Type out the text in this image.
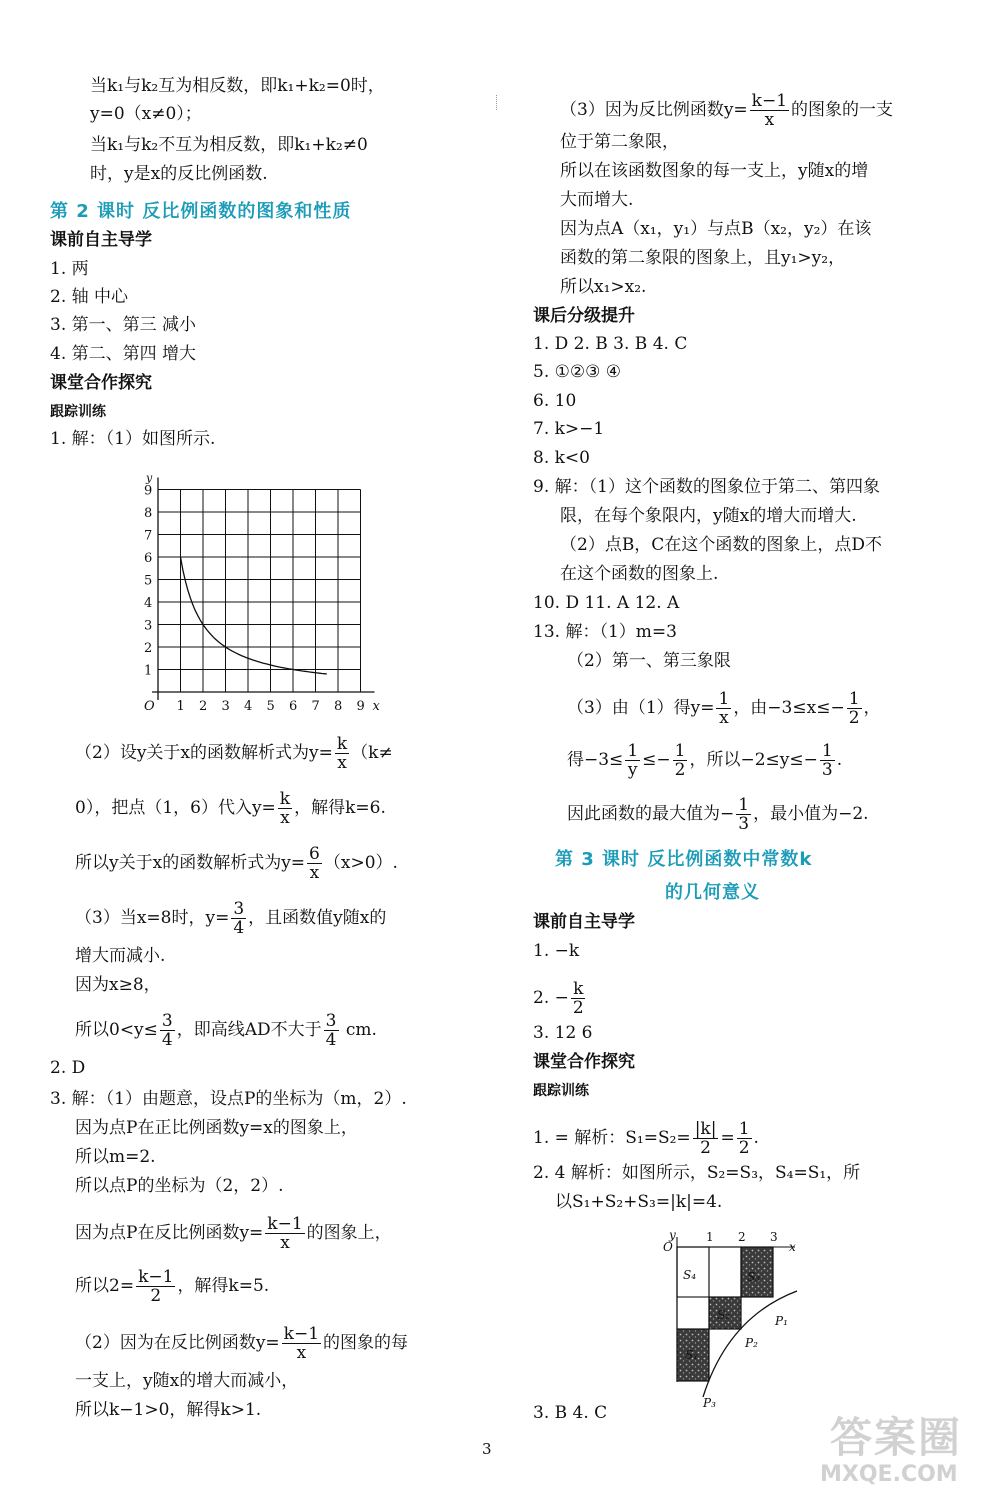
当k₁与k₂互为相反数，即k₁+k₂=0时，
y=0（x≠0）；
当k₁与k₂不互为相反数，即k₁+k₂≠0
时，y是x的反比例函数.
第 2 课时 反比例函数的图象和性质
课前自主导学
1. 两
2. 轴 中心
3. 第一、第三 减小
4. 第二、第四 增大
课堂合作探究
跟踪训练
1. 解：（1）如图所示.
1 2 3 4 5 6 7 8 9
1
2
3
4
5
6
7
8
9
O	x
y
（2）设y关于x的函数解析式为$y= \frac{k}{x} (k\ne$
0），把点（1，6）代入$y= \frac{k}{x}$ ，解得k=6.
所以y关于x的函数解析式为$y= \frac{6}{x} (x>0)$.
（3）当x=8时，$y= \frac{3}{4}$ ，且函数值y随x的
增大而减小.
因为x≥8，
所以$0<y\le \frac{3}{4}$ ，即高线AD不大于 $\frac{3}{4}$ cm.
2. D
3. 解：（1）由题意，设点P的坐标为（m，2）.
因为点P在正比例函数y=x的图象上，
所以m=2.
所以点P的坐标为（2，2）.
因为点P在反比例函数$y= \frac{k-1}{x}$ 的图象上，
所以$2= \frac{k-1}{2}$ ，解得k=5.
（2）因为在反比例函数$y= \frac{k-1}{x}$ 的图象的每
一支上，y随x的增大而减小，
所以k−1>0，解得k>1.
（3）因为反比例函数$y= \frac{k-1}{x}$ 的图象的一支
位于第二象限，
所以在该函数图象的每一支上，y随x的增
大而增大.
因为点A（x₁，y₁）与点B（x₂，y₂）在该
函数的第二象限的图象上，且y₁>y₂，
所以x₁>x₂.
课后分级提升
1. D 2. B 3. B 4. C
5. ①②③ ④
6. 10
7. k>−1
8. k<0
9. 解：（1）这个函数的图象位于第二、第四象
限，在每个象限内，y随x的增大而增大.
（2）点B，C在这个函数的图象上，点D不
在这个函数的图象上.
10. D 11. A 12. A
13. 解：（1）m=3
（2）第一、第三象限
（3）由（1）得$y= \frac{1}{x}$ ，由$-3\le x\le- \frac{1}{2}$ ，
得$-3\le \frac{1}{y} \le- \frac{1}{2}$ ，所以$-2\le y\le- \frac{1}{3}$ .
因此函数的最大值为− $\frac{1}{3}$ ，最小值为−2.
第 3 课时 反比例函数中常数k
的几何意义
课前自主导学
1. −k
2. − $\frac{k}{2}$
3. 12 6
课堂合作探究
跟踪训练
1. = 解析：$S_1=S_2= \frac{|k|}{2} = \frac{1}{2}$ .
2. 4 解析：如图所示，S₂=S₃，S₄=S₁，所
以S₁+S₂+S₃=|k|=4.
S₁
S₂
S₃
S₄
P₁
P₂
P₃
1 2 3
O	x
y
3. B 4. C
3	答案圈
MXQE.COM
